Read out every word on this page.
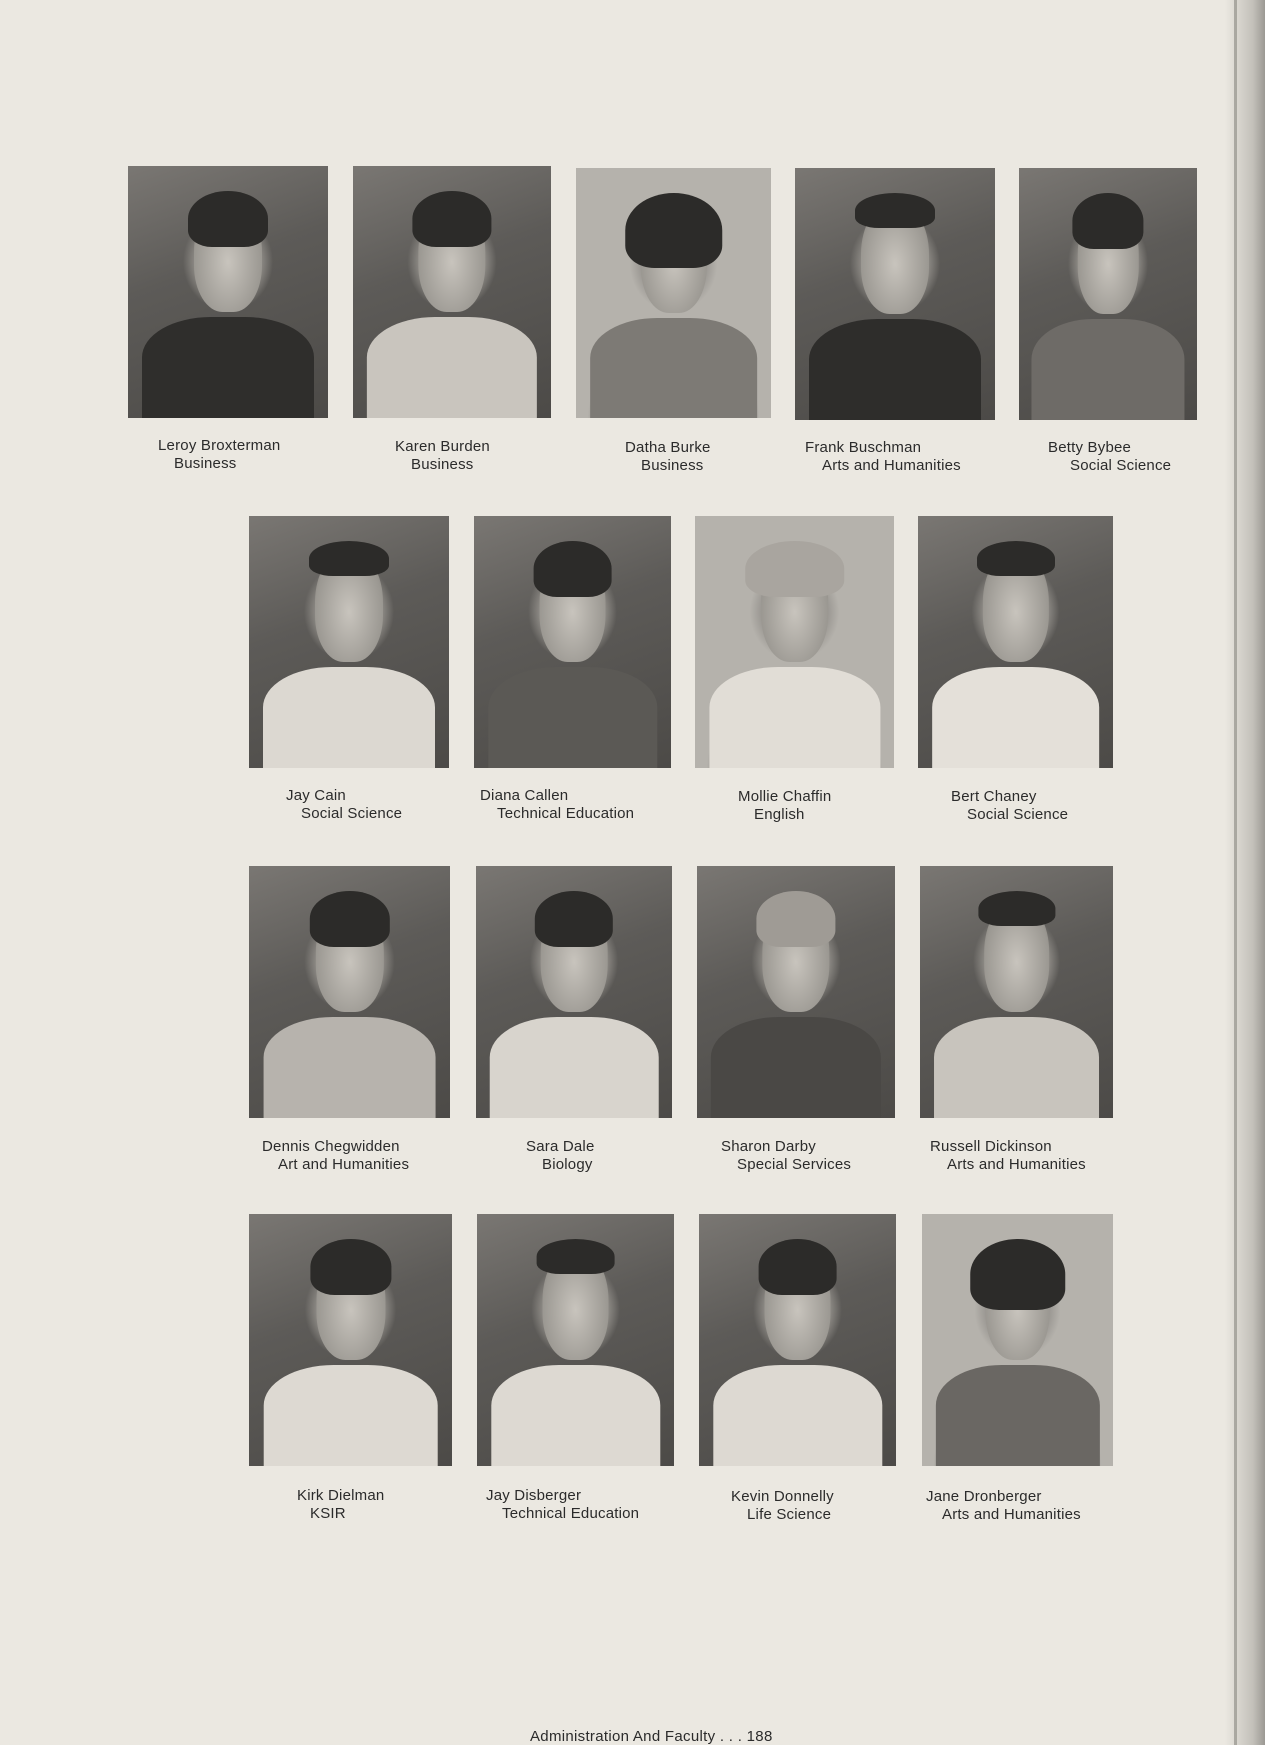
Leroy Broxterman
Business
Karen Burden
Business
Datha Burke
Business
Frank Buschman
Arts and Humanities
Betty Bybee
Social Science
Jay Cain
Social Science
Diana Callen
Technical Education
Mollie Chaffin
English
Bert Chaney
Social Science
Dennis Chegwidden
Art and Humanities
Sara Dale
Biology
Sharon Darby
Special Services
Russell Dickinson
Arts and Humanities
Kirk Dielman
KSIR
Jay Disberger
Technical Education
Kevin Donnelly
Life Science
Jane Dronberger
Arts and Humanities
Administration And Faculty . . . 188
